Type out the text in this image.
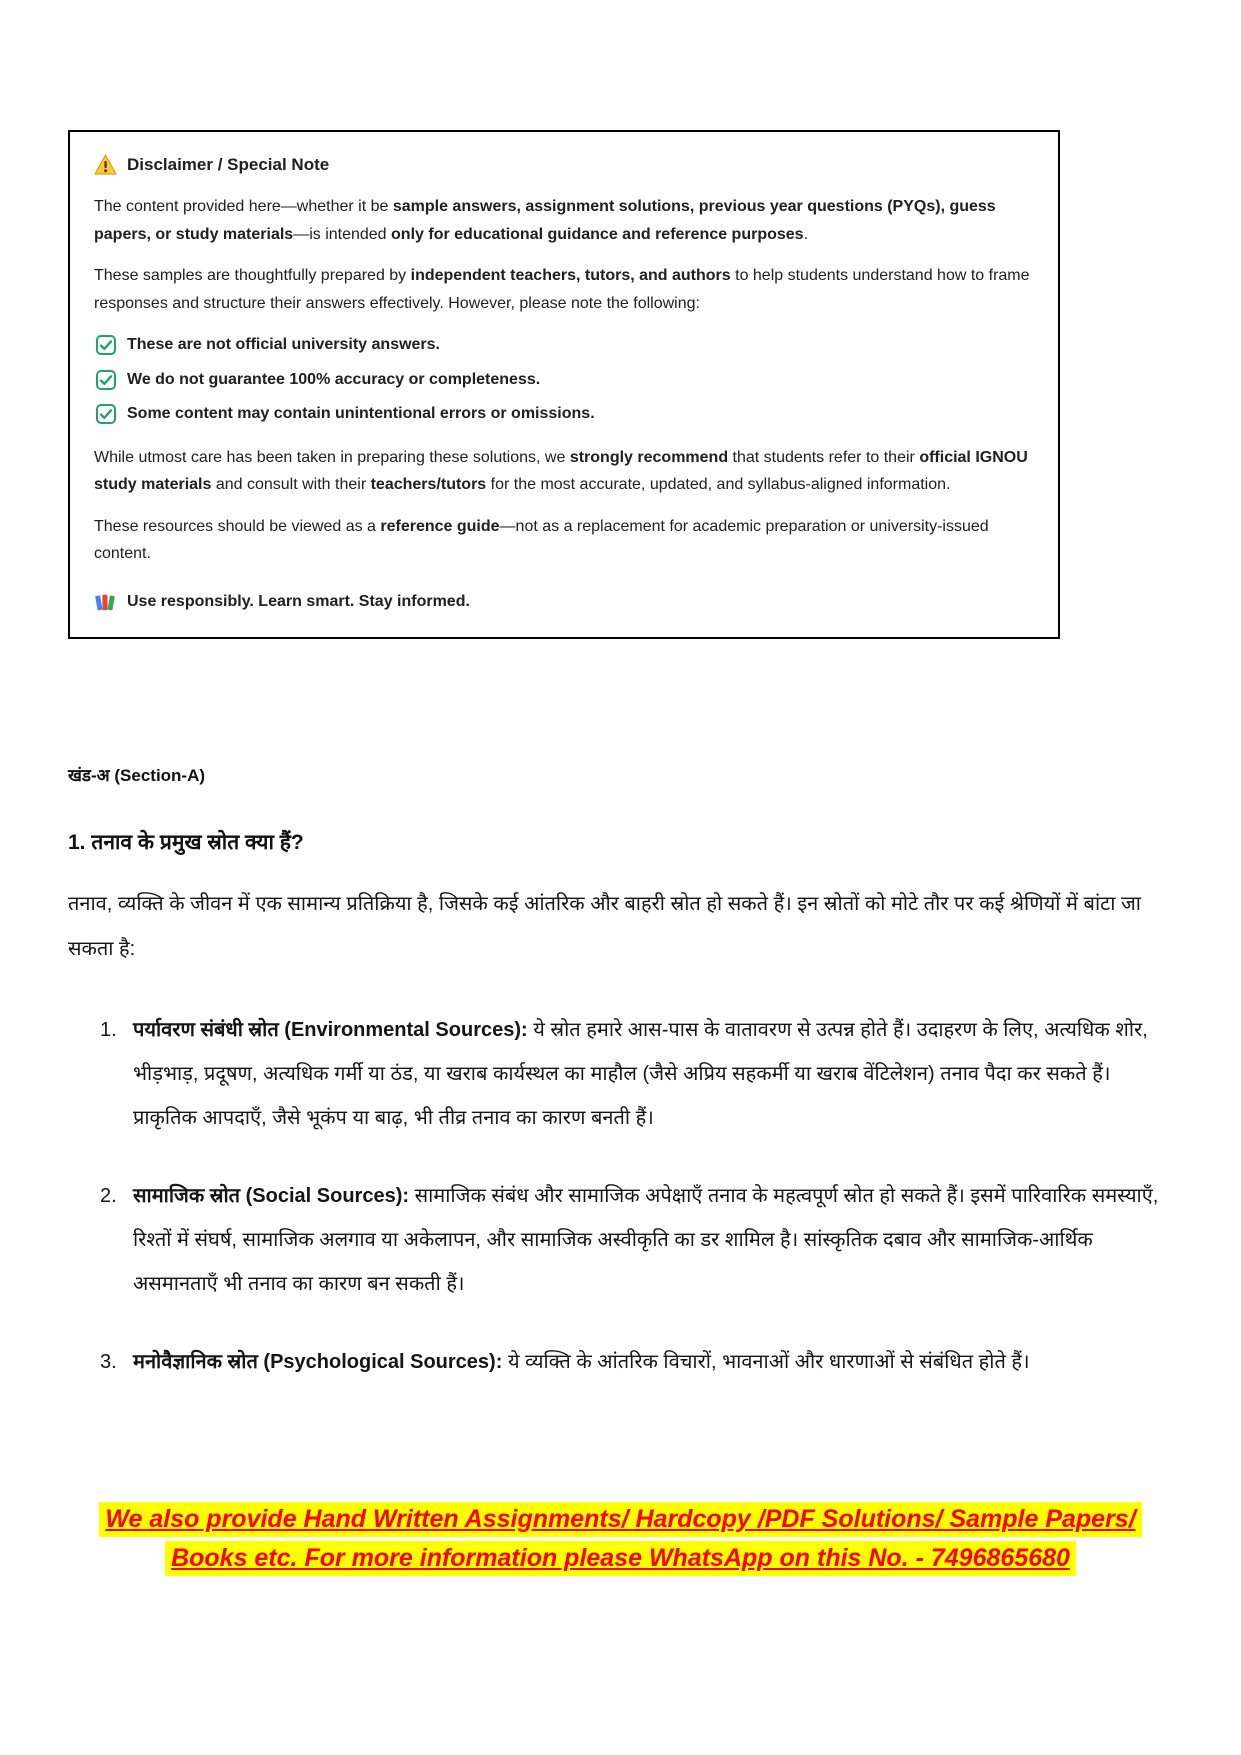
Disclaimer / Special Note

The content provided here—whether it be sample answers, assignment solutions, previous year questions (PYQs), guess papers, or study materials—is intended only for educational guidance and reference purposes.

These samples are thoughtfully prepared by independent teachers, tutors, and authors to help students understand how to frame responses and structure their answers effectively. However, please note the following:

These are not official university answers.
We do not guarantee 100% accuracy or completeness.
Some content may contain unintentional errors or omissions.

While utmost care has been taken in preparing these solutions, we strongly recommend that students refer to their official IGNOU study materials and consult with their teachers/tutors for the most accurate, updated, and syllabus-aligned information.

These resources should be viewed as a reference guide—not as a replacement for academic preparation or university-issued content.

Use responsibly. Learn smart. Stay informed.
खंड-अ (Section-A)
1. तनाव के प्रमुख स्रोत क्या हैं?

तनाव, व्यक्ति के जीवन में एक सामान्य प्रतिक्रिया है, जिसके कई आंतरिक और बाहरी स्रोत हो सकते हैं। इन स्रोतों को मोटे तौर पर कई श्रेणियों में बांटा जा सकता है:

पर्यावरण संबंधी स्रोत (Environmental Sources): ये स्रोत हमारे आस-पास के वातावरण से उत्पन्न होते हैं। उदाहरण के लिए, अत्यधिक शोर, भीड़भाड़, प्रदूषण, अत्यधिक गर्मी या ठंड, या खराब कार्यस्थल का माहौल (जैसे अप्रिय सहकर्मी या खराब वेंटिलेशन) तनाव पैदा कर सकते हैं। प्राकृतिक आपदाएँ, जैसे भूकंप या बाढ़, भी तीव्र तनाव का कारण बनती हैं।
सामाजिक स्रोत (Social Sources): सामाजिक संबंध और सामाजिक अपेक्षाएँ तनाव के महत्वपूर्ण स्रोत हो सकते हैं। इसमें पारिवारिक समस्याएँ, रिश्तों में संघर्ष, सामाजिक अलगाव या अकेलापन, और सामाजिक अस्वीकृति का डर शामिल है। सांस्कृतिक दबाव और सामाजिक-आर्थिक असमानताएँ भी तनाव का कारण बन सकती हैं।
मनोवैज्ञानिक स्रोत (Psychological Sources): ये व्यक्ति के आंतरिक विचारों, भावनाओं और धारणाओं से संबंधित होते हैं।
We also provide Hand Written Assignments/ Hardcopy /PDF Solutions/ Sample Papers/
Books etc. For more information please WhatsApp on this No. - 7496865680
